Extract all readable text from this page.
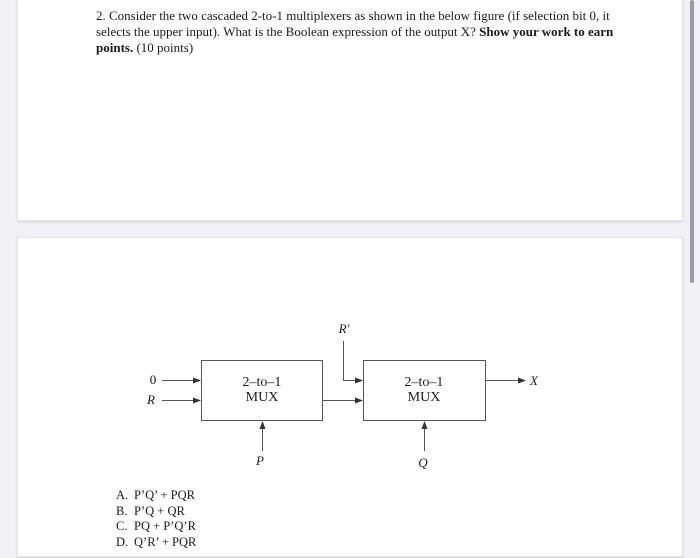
2. Consider the two cascaded 2-to-1 multiplexers as shown in the below figure (if selection bit 0, it selects the upper input). What is the Boolean expression of the output X? Show your work to earn points. (10 points)
2–to–1
MUX
0
R
P
2–to–1
MUX
R'
Q
X
A. P’Q’ + PQR
B. P’Q + QR
C. PQ + P’Q’R
D. Q’R’ + PQR
